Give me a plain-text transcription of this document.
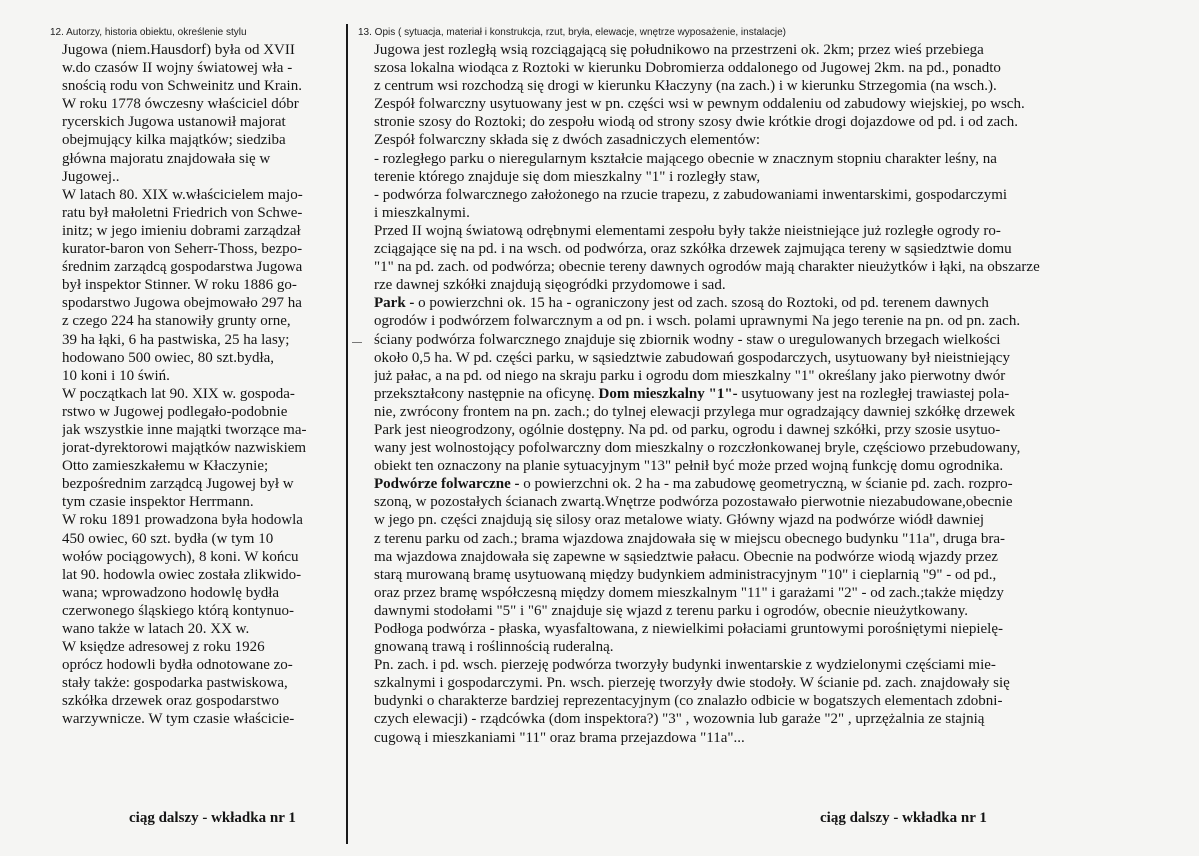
12. Autorzy, historia obiektu, określenie stylu	13. Opis ( sytuacja, materiał i konstrukcja, rzut, bryła, elewacje, wnętrze wyposażenie, instalacje)
Jugowa (niem.Hausdorf) była od XVII
w.do czasów II wojny światowej wła -
snością rodu von Schweinitz und Krain.
W roku 1778 ówczesny właściciel dóbr
rycerskich Jugowa ustanowił majorat
obejmujący kilka majątków; siedziba
główna majoratu znajdowała się w
Jugowej..
W latach 80. XIX w.właścicielem majo-
ratu był małoletni Friedrich von Schwe-
initz; w jego imieniu dobrami zarządzał
kurator-baron von Seherr-Thoss, bezpo-
średnim zarządcą gospodarstwa Jugowa
był inspektor Stinner. W roku 1886 go-
spodarstwo Jugowa obejmowało 297 ha
z czego 224 ha stanowiły grunty orne,
39 ha łąki, 6 ha pastwiska, 25 ha lasy;
hodowano 500 owiec, 80 szt.bydła,
10 koni i 10 świń.
W początkach lat 90. XIX w. gospoda-
rstwo w Jugowej podlegało-podobnie
jak wszystkie inne majątki tworzące ma-
jorat-dyrektorowi majątków nazwiskiem
Otto zamieszkałemu w Kłaczynie;
bezpośrednim zarządcą Jugowej był w
tym czasie inspektor Herrmann.
W roku 1891 prowadzona była hodowla
450 owiec, 60 szt. bydła (w tym 10
wołów pociągowych), 8 koni. W końcu
lat 90. hodowla owiec została zlikwido-
wana; wprowadzono hodowlę bydła
czerwonego śląskiego którą kontynuo-
wano także w latach 20. XX w.
W księdze adresowej z roku 1926
oprócz hodowli bydła odnotowane zo-
stały także: gospodarka pastwiskowa,
szkółka drzewek oraz gospodarstwo
warzywnicze. W tym czasie właścicie-
Jugowa jest rozległą wsią rozciągającą się południkowo na przestrzeni ok. 2km; przez wieś przebiega
szosa lokalna wiodąca z Roztoki w kierunku Dobromierza oddalonego od Jugowej 2km. na pd., ponadto
z centrum wsi rozchodzą się drogi w kierunku Kłaczyny (na zach.) i w kierunku Strzegomia (na wsch.).
Zespół folwarczny usytuowany jest w pn. części wsi w pewnym oddaleniu od zabudowy wiejskiej, po wsch.
stronie szosy do Roztoki; do zespołu wiodą od strony szosy dwie krótkie drogi dojazdowe od pd. i od zach.
Zespół folwarczny składa się z dwóch zasadniczych elementów:
- rozległego parku o nieregularnym kształcie mającego obecnie w znacznym stopniu charakter leśny, na
terenie którego znajduje się dom mieszkalny "1" i rozległy staw,
- podwórza folwarcznego założonego na rzucie trapezu, z zabudowaniami inwentarskimi, gospodarczymi
i mieszkalnymi.
Przed II wojną światową odrębnymi elementami zespołu były także nieistniejące już rozległe ogrody ro-
zciągające się na pd. i na wsch. od podwórza, oraz szkółka drzewek zajmująca tereny w sąsiedztwie domu
"1" na pd. zach. od podwórza; obecnie tereny dawnych ogrodów mają charakter nieużytków i łąki, na obszarze
rze dawnej szkółki znajdują sięogródki przydomowe i sad.
Park - o powierzchni ok. 15 ha - ograniczony jest od zach. szosą do Roztoki, od pd. terenem dawnych
ogrodów i podwórzem folwarcznym a od pn. i wsch. polami uprawnymi Na jego terenie na pn. od pn. zach.
ściany podwórza folwarcznego znajduje się zbiornik wodny - staw o uregulowanych brzegach wielkości
około 0,5 ha. W pd. części parku, w sąsiedztwie zabudowań gospodarczych, usytuowany był nieistniejący
już pałac, a na pd. od niego na skraju parku i ogrodu dom mieszkalny "1" określany jako pierwotny dwór
przekształcony następnie na oficynę. Dom mieszkalny "1"- usytuowany jest na rozległej trawiastej pola-
nie, zwrócony frontem na pn. zach.; do tylnej elewacji przylega mur ogradzający dawniej szkółkę drzewek
Park jest nieogrodzony, ogólnie dostępny. Na pd. od parku, ogrodu i dawnej szkółki, przy szosie usytuo-
wany jest wolnostojący pofolwarczny dom mieszkalny o rozczłonkowanej bryle, częściowo przebudowany,
obiekt ten oznaczony na planie sytuacyjnym "13" pełnił być może przed wojną funkcję domu ogrodnika.
Podwórze folwarczne - o powierzchni ok. 2 ha - ma zabudowę geometryczną, w ścianie pd. zach. rozpro-
szoną, w pozostałych ścianach zwartą.Wnętrze podwórza pozostawało pierwotnie niezabudowane,obecnie
w jego pn. części znajdują się silosy oraz metalowe wiaty. Główny wjazd na podwórze wiódł dawniej
z terenu parku od zach.; brama wjazdowa znajdowała się w miejscu obecnego budynku "11a", druga bra-
ma wjazdowa znajdowała się zapewne w sąsiedztwie pałacu. Obecnie na podwórze wiodą wjazdy przez
starą murowaną bramę usytuowaną między budynkiem administracyjnym "10" i cieplarnią "9" - od pd.,
oraz przez bramę współczesną między domem mieszkalnym "11" i garażami "2" - od zach.;także między
dawnymi stodołami "5" i "6" znajduje się wjazd z terenu parku i ogrodów, obecnie nieużytkowany.
Podłoga podwórza - płaska, wyasfaltowana, z niewielkimi połaciami gruntowymi porośniętymi niepielę-
gnowaną trawą i roślinnością ruderalną.
Pn. zach. i pd. wsch. pierzeję podwórza tworzyły budynki inwentarskie z wydzielonymi częściami mie-
szkalnymi i gospodarczymi. Pn. wsch. pierzeję tworzyły dwie stodoły. W ścianie pd. zach. znajdowały się
budynki o charakterze bardziej reprezentacyjnym (co znalazło odbicie w bogatszych elementach zdobni-
czych elewacji) - rządcówka (dom inspektora?) "3" , wozownia lub garaże "2" , uprzężalnia ze stajnią
cugową i mieszkaniami "11" oraz brama przejazdowa "11a"...
ciąg dalszy - wkładka nr 1	ciąg dalszy - wkładka nr 1
